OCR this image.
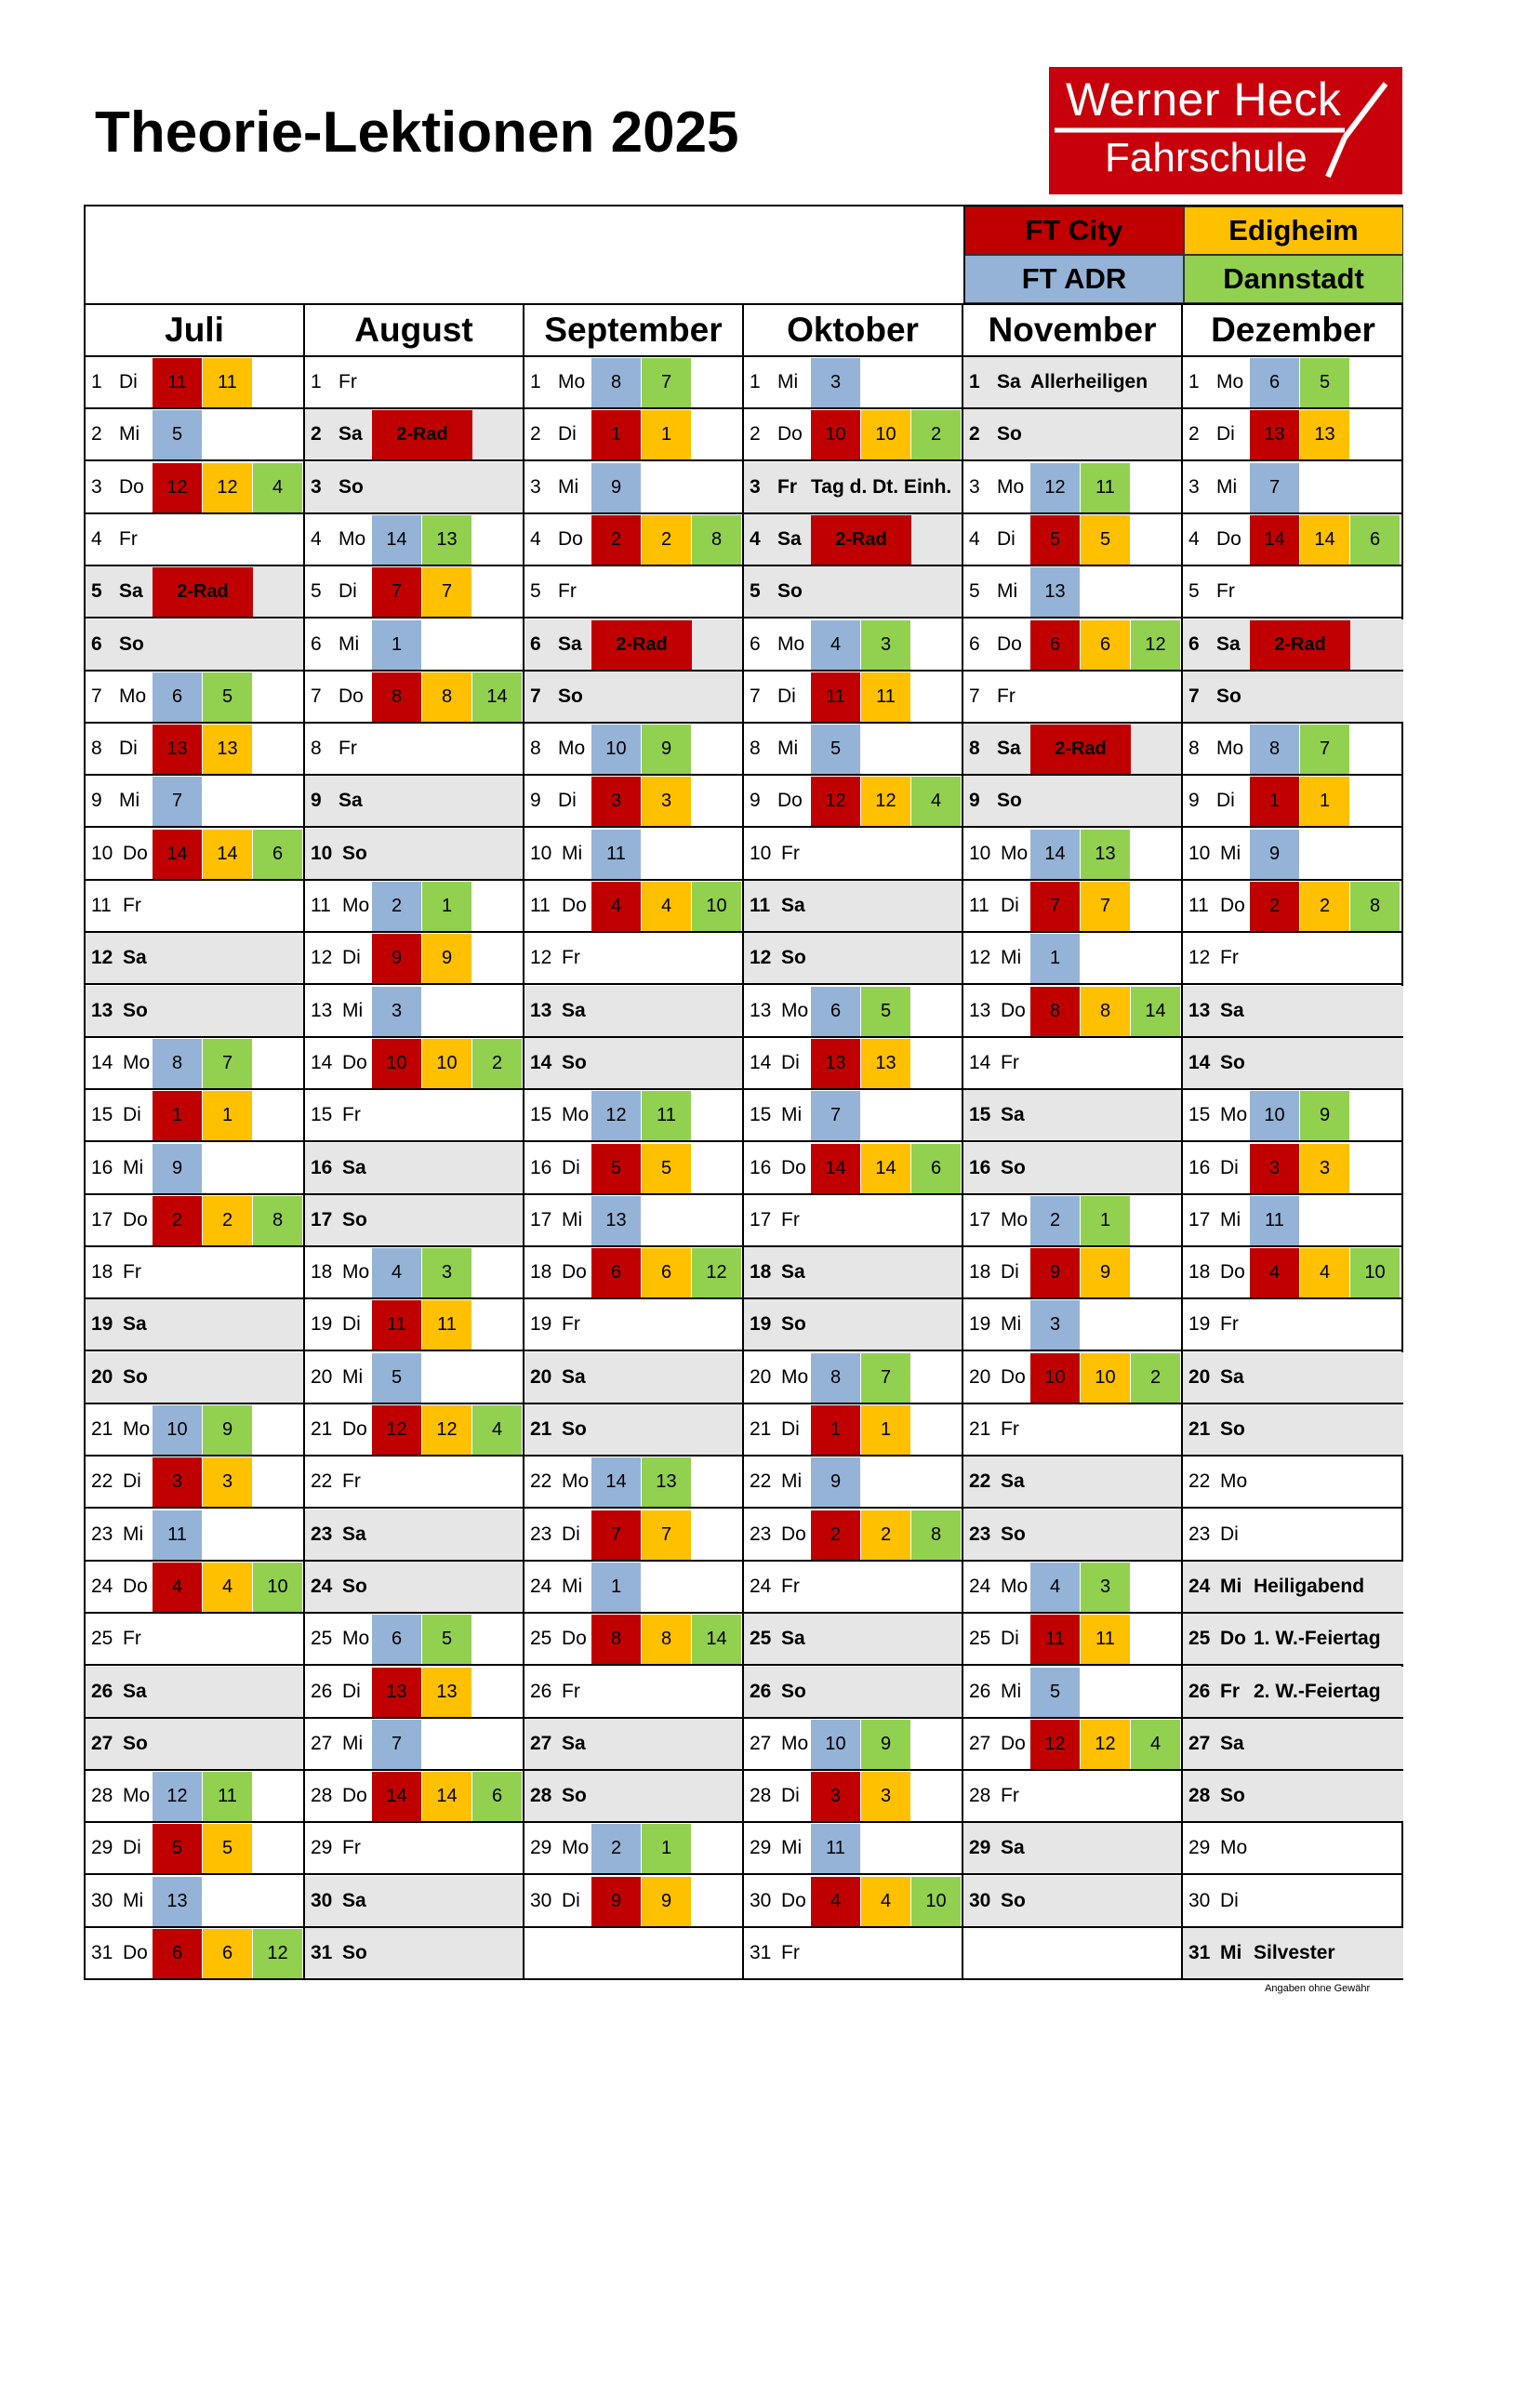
Theorie-Lektionen 2025
Werner Heck
Fahrschule
FT City	Edigheim
FT ADR	Dannstadt
Juli
1 Di	11	11
2 Mi	5
3 Do	12	12	4
4 Fr
5 Sa	2-Rad
6 So
7 Mo	6	5
8 Di	13	13
9 Mi	7
10 Do	14	14	6
11 Fr
12 Sa
13 So
14 Mo	8	7
15 Di	1	1
16 Mi	9
17 Do	2	2	8
18 Fr
19 Sa
20 So
21 Mo 10	9
22 Di	3	3
23 Mi	11
24 Do	4	4	10
25 Fr
26 Sa
27 So
28 Mo 12	11
29 Di	5	5
30 Mi	13
31 Do	6	6	12
August
1 Fr
2 Sa	2-Rad
3 So
4 Mo	14	13
5 Di	7	7
6 Mi	1
7 Do	8	8	14
8 Fr
9 Sa
10 So
11 Mo	2	1
12 Di	9	9
13 Mi	3
14 Do	10	10	2
15 Fr
16 Sa
17 So
18 Mo	4	3
19 Di	11	11
20 Mi	5
21 Do	12	12	4
22 Fr
23 Sa
24 So
25 Mo	6	5
26 Di	13	13
27 Mi	7
28 Do	14	14	6
29 Fr
30 Sa
31 So
September
1 Mo	8	7
2 Di	1	1
3 Mi	9
4 Do	2	2	8
5 Fr
6 Sa	2-Rad
7 So
8 Mo	10	9
9 Di	3	3
10 Mi	11
11 Do	4	4	10
12 Fr
13 Sa
14 So
15 Mo 12	11
16 Di	5	5
17 Mi	13
18 Do	6	6	12
19 Fr
20 Sa
21 So
22 Mo 14	13
23 Di	7	7
24 Mi	1
25 Do	8	8	14
26 Fr
27 Sa
28 So
29 Mo	2	1
30 Di	9	9
Oktober
1 Mi	3
2 Do	10	10	2
3 Fr Tag d. Dt. Einh.
4 Sa	2-Rad
5 So
6 Mo	4	3
7 Di	11	11
8 Mi	5
9 Do	12	12	4
10 Fr
11 Sa
12 So
13 Mo	6	5
14 Di	13	13
15 Mi	7
16 Do	14	14	6
17 Fr
18 Sa
19 So
20 Mo	8	7
21 Di	1	1
22 Mi	9
23 Do	2	2	8
24 Fr
25 Sa
26 So
27 Mo 10	9
28 Di	3	3
29 Mi	11
30 Do	4	4	10
31 Fr
November
1 Sa Allerheiligen
2 So
3 Mo	12	11
4 Di	5	5
5 Mi	13
6 Do	6	6	12
7 Fr
8 Sa	2-Rad
9 So
10 Mo 14	13
11 Di	7	7
12 Mi	1
13 Do	8	8	14
14 Fr
15 Sa
16 So
17 Mo	2	1
18 Di	9	9
19 Mi	3
20 Do	10	10	2
21 Fr
22 Sa
23 So
24 Mo	4	3
25 Di	11	11
26 Mi	5
27 Do	12	12	4
28 Fr
29 Sa
30 So
Dezember
1 Mo	6	5
2 Di	13	13
3 Mi	7
4 Do	14	14	6
5 Fr
6 Sa	2-Rad
7 So
8 Mo	8	7
9 Di	1	1
10 Mi	9
11 Do	2	2	8
12 Fr
13 Sa
14 So
15 Mo 10	9
16 Di	3	3
17 Mi	11
18 Do	4	4	10
19 Fr
20 Sa
21 So
22 Mo
23 Di
24 Mi Heiligabend
25 Do 1. W.-Feiertag
26 Fr 2. W.-Feiertag
27 Sa
28 So
29 Mo
30 Di
31 Mi Silvester
Angaben ohne Gewähr
